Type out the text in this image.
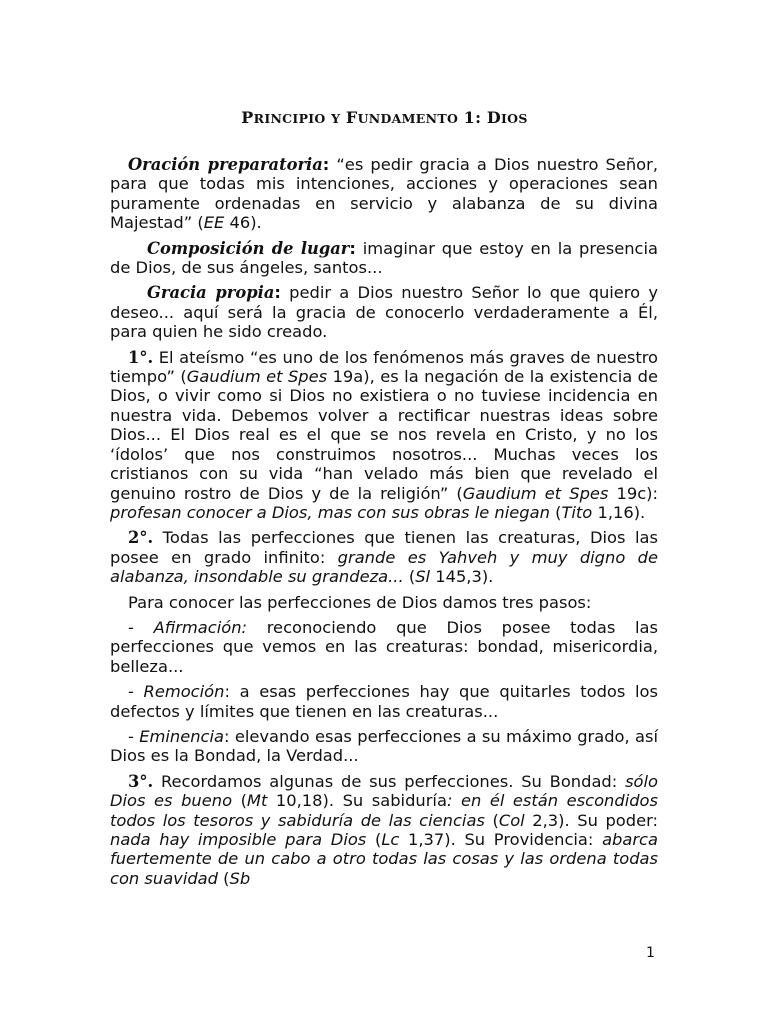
PRINCIPIO Y FUNDAMENTO 1: DIOS

Oración preparatoria: “es pedir gracia a Dios nuestro Señor, para que todas mis intenciones, acciones y operaciones sean puramente ordenadas en servicio y alabanza de su divina Majestad” (EE 46).

Composición de lugar: imaginar que estoy en la presencia de Dios, de sus ángeles, santos...

Gracia propia: pedir a Dios nuestro Señor lo que quiero y deseo... aquí será la gracia de conocerlo verdaderamente a Él, para quien he sido creado.

1°. El ateísmo “es uno de los fenómenos más graves de nuestro tiempo” (Gaudium et Spes 19a), es la negación de la existencia de Dios, o vivir como si Dios no existiera o no tuviese incidencia en nuestra vida. Debemos volver a rectificar nuestras ideas sobre Dios... El Dios real es el que se nos revela en Cristo, y no los ‘ídolos’ que nos construimos nosotros... Muchas veces los cristianos con su vida “han velado más bien que revelado el genuino rostro de Dios y de la religión” (Gaudium et Spes 19c): profesan conocer a Dios, mas con sus obras le niegan (Tito 1,16).

2°. Todas las perfecciones que tienen las creaturas, Dios las posee en grado infinito: grande es Yahveh y muy digno de alabanza, insondable su grandeza... (Sl 145,3).

Para conocer las perfecciones de Dios damos tres pasos:

- Afirmación: reconociendo que Dios posee todas las perfecciones que vemos en las creaturas: bondad, misericordia, belleza...

- Remoción: a esas perfecciones hay que quitarles todos los defectos y límites que tienen en las creaturas...

- Eminencia: elevando esas perfecciones a su máximo grado, así Dios es la Bondad, la Verdad...

3°. Recordamos algunas de sus perfecciones. Su Bondad: sólo Dios es bueno (Mt 10,18). Su sabiduría: en él están escondidos todos los tesoros y sabiduría de las ciencias (Col 2,3). Su poder: nada hay imposible para Dios (Lc 1,37). Su Providencia: abarca fuertemente de un cabo a otro todas las cosas y las ordena todas con suavidad (Sb

1
